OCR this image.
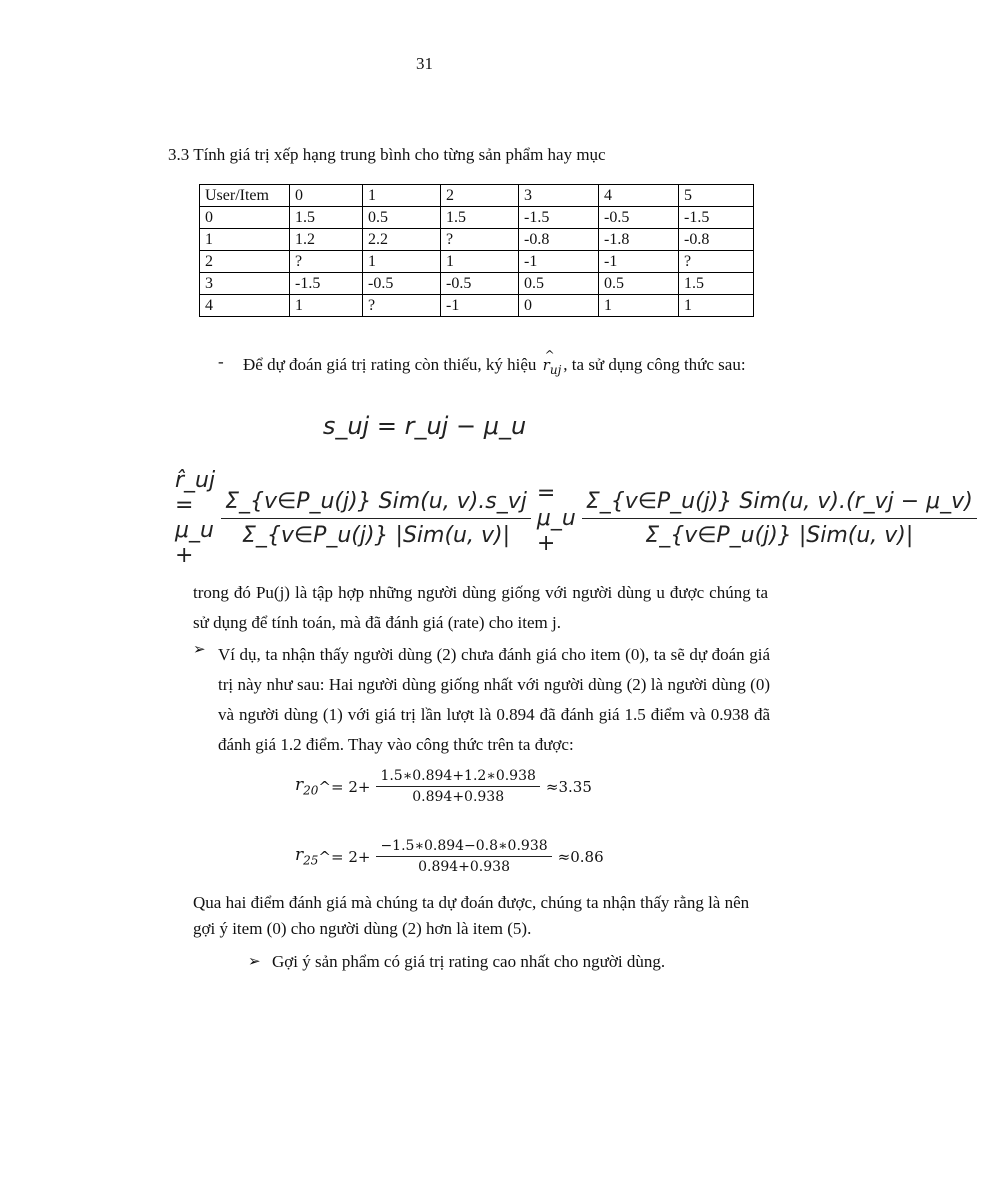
31
3.3 Tính giá trị xếp hạng trung bình cho từng sản phẩm hay mục
User/Item	0	1	2	3	4	5
0	1.5	0.5	1.5	-1.5	-0.5	-1.5
1	1.2	2.2	?	-0.8	-1.8	-0.8
2	?	1	1	-1	-1	?
3	-1.5	-0.5	-0.5	0.5	0.5	1.5
4	1	?	-1	0	1	1
- Để dự đoán giá trị rating còn thiếu, ký hiệu ^ $r_{uj}$ , ta sử dụng công thức sau:
s_uj = r_uj − μ_u
r̂_uj = μ_u +
$\frac{\text{Σ\_\{v∈P\_u(j)\} Sim(u, v).s\_vj}}{\text{Σ\_\{v∈P\_u(j)\} |Sim(u, v)|}}$ = μ_u +	$\frac{\text{Σ\_\{v∈P\_u(j)\} Sim(u, v).(r\_vj − μ\_v)}}{\text{Σ\_\{v∈P\_u(j)\} |Sim(u, v)|}}$
trong đó Pu(j) là tập hợp những người dùng giống với người dùng u được chúng ta sử dụng để tính toán, mà đã đánh giá (rate) cho item j.
➢ Ví dụ, ta nhận thấy người dùng (2) chưa đánh giá cho item (0), ta sẽ dự đoán giá trị này như sau: Hai người dùng giống nhất với người dùng (2) là người dùng (0) và người dùng (1) với giá trị lần lượt là 0.894 đã đánh giá 1.5 điểm và 0.938 đã đánh giá 1.2 điểm. Thay vào công thức trên ta được:
$r_{20}$ ^= $2+ \frac{1.5∗0.894+1.2∗0.938}{0.894+0.938} \approx 3.35$
$r_{25}$ ^= $2+ \frac{-1.5∗0.894-0.8∗0.938}{0.894+0.938} \approx 0.86$
Qua hai điểm đánh giá mà chúng ta dự đoán được, chúng ta nhận thấy rằng là nên gợi ý item (0) cho người dùng (2) hơn là item (5).
➢ Gợi ý sản phẩm có giá trị rating cao nhất cho người dùng.
